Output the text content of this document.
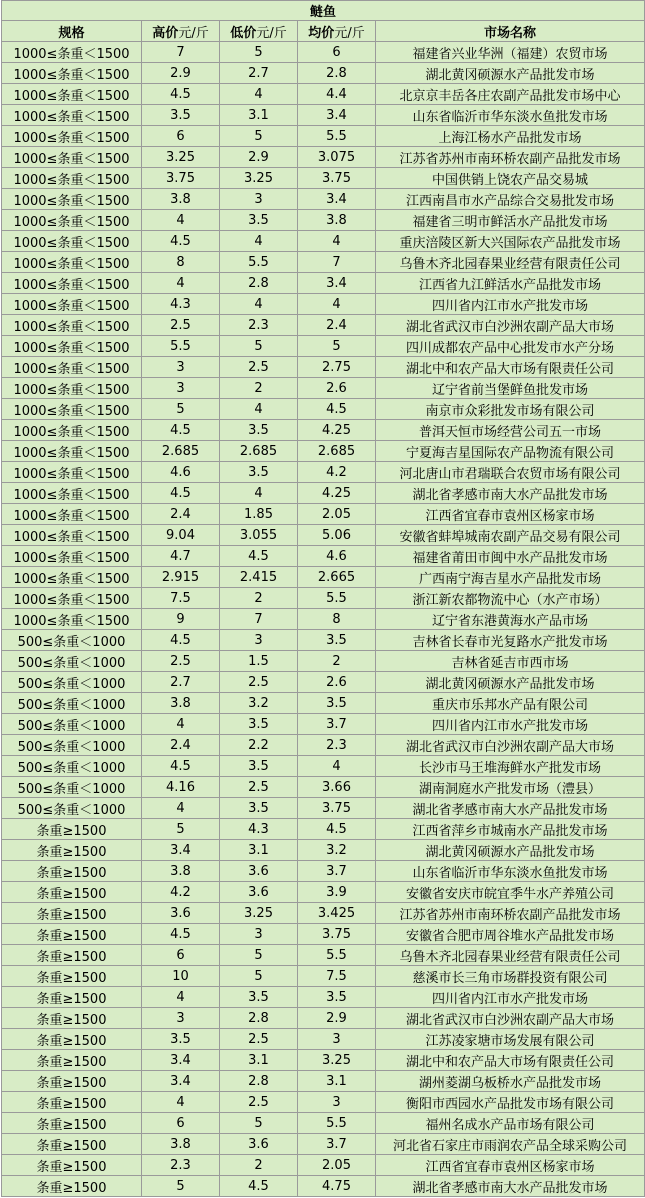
鲢鱼				
规格	高价元/斤	低价元/斤	均价元/斤	市场名称
1000≤条重＜1500	7	5	6	福建省兴业华洲（福建）农贸市场
1000≤条重＜1500	2.9	2.7	2.8	湖北黄冈硕源水产品批发市场
1000≤条重＜1500	4.5	4	4.4	北京京丰岳各庄农副产品批发市场中心
1000≤条重＜1500	3.5	3.1	3.4	山东省临沂市华东淡水鱼批发市场
1000≤条重＜1500	6	5	5.5	上海江杨水产品批发市场
1000≤条重＜1500	3.25	2.9	3.075	江苏省苏州市南环桥农副产品批发市场
1000≤条重＜1500	3.75	3.25	3.75	中国供销上饶农产品交易城
1000≤条重＜1500	3.8	3	3.4	江西南昌市水产品综合交易批发市场
1000≤条重＜1500	4	3.5	3.8	福建省三明市鲜活水产品批发市场
1000≤条重＜1500	4.5	4	4	重庆涪陵区新大兴国际农产品批发市场
1000≤条重＜1500	8	5.5	7	乌鲁木齐北园春果业经营有限责任公司
1000≤条重＜1500	4	2.8	3.4	江西省九江鲜活水产品批发市场
1000≤条重＜1500	4.3	4	4	四川省内江市水产批发市场
1000≤条重＜1500	2.5	2.3	2.4	湖北省武汉市白沙洲农副产品大市场
1000≤条重＜1500	5.5	5	5	四川成都农产品中心批发市水产分场
1000≤条重＜1500	3	2.5	2.75	湖北中和农产品大市场有限责任公司
1000≤条重＜1500	3	2	2.6	辽宁省前当堡鲜鱼批发市场
1000≤条重＜1500	5	4	4.5	南京市众彩批发市场有限公司
1000≤条重＜1500	4.5	3.5	4.25	普洱天恒市场经营公司五一市场
1000≤条重＜1500	2.685	2.685	2.685	宁夏海吉星国际农产品物流有限公司
1000≤条重＜1500	4.6	3.5	4.2	河北唐山市君瑞联合农贸市场有限公司
1000≤条重＜1500	4.5	4	4.25	湖北省孝感市南大水产品批发市场
1000≤条重＜1500	2.4	1.85	2.05	江西省宜春市袁州区杨家市场
1000≤条重＜1500	9.04	3.055	5.06	安徽省蚌埠城南农副产品交易有限公司
1000≤条重＜1500	4.7	4.5	4.6	福建省莆田市闽中水产品批发市场
1000≤条重＜1500	2.915	2.415	2.665	广西南宁海吉星水产品批发市场
1000≤条重＜1500	7.5	2	5.5	浙江新农都物流中心（水产市场）
1000≤条重＜1500	9	7	8	辽宁省东港黄海水产品市场
500≤条重＜1000	4.5	3	3.5	吉林省长春市光复路水产批发市场
500≤条重＜1000	2.5	1.5	2	吉林省延吉市西市场
500≤条重＜1000	2.7	2.5	2.6	湖北黄冈硕源水产品批发市场
500≤条重＜1000	3.8	3.2	3.5	重庆市乐邦水产品有限公司
500≤条重＜1000	4	3.5	3.7	四川省内江市水产批发市场
500≤条重＜1000	2.4	2.2	2.3	湖北省武汉市白沙洲农副产品大市场
500≤条重＜1000	4.5	3.5	4	长沙市马王堆海鲜水产批发市场
500≤条重＜1000	4.16	2.5	3.66	湖南洞庭水产批发市场（澧县）
500≤条重＜1000	4	3.5	3.75	湖北省孝感市南大水产品批发市场
条重≥1500	5	4.3	4.5	江西省萍乡市城南水产品批发市场
条重≥1500	3.4	3.1	3.2	湖北黄冈硕源水产品批发市场
条重≥1500	3.8	3.6	3.7	山东省临沂市华东淡水鱼批发市场
条重≥1500	4.2	3.6	3.9	安徽省安庆市皖宜季牛水产养殖公司
条重≥1500	3.6	3.25	3.425	江苏省苏州市南环桥农副产品批发市场
条重≥1500	4.5	3	3.75	安徽省合肥市周谷堆水产品批发市场
条重≥1500	6	5	5.5	乌鲁木齐北园春果业经营有限责任公司
条重≥1500	10	5	7.5	慈溪市长三角市场群投资有限公司
条重≥1500	4	3.5	3.5	四川省内江市水产批发市场
条重≥1500	3	2.8	2.9	湖北省武汉市白沙洲农副产品大市场
条重≥1500	3.5	2.5	3	江苏凌家塘市场发展有限公司
条重≥1500	3.4	3.1	3.25	湖北中和农产品大市场有限责任公司
条重≥1500	3.4	2.8	3.1	湖州菱湖乌板桥水产品批发市场
条重≥1500	4	2.5	3	衡阳市西园水产品批发市场有限公司
条重≥1500	6	5	5.5	福州名成水产品市场有限公司
条重≥1500	3.8	3.6	3.7	河北省石家庄市雨润农产品全球采购公司
条重≥1500	2.3	2	2.05	江西省宜春市袁州区杨家市场
条重≥1500	5	4.5	4.75	湖北省孝感市南大水产品批发市场
